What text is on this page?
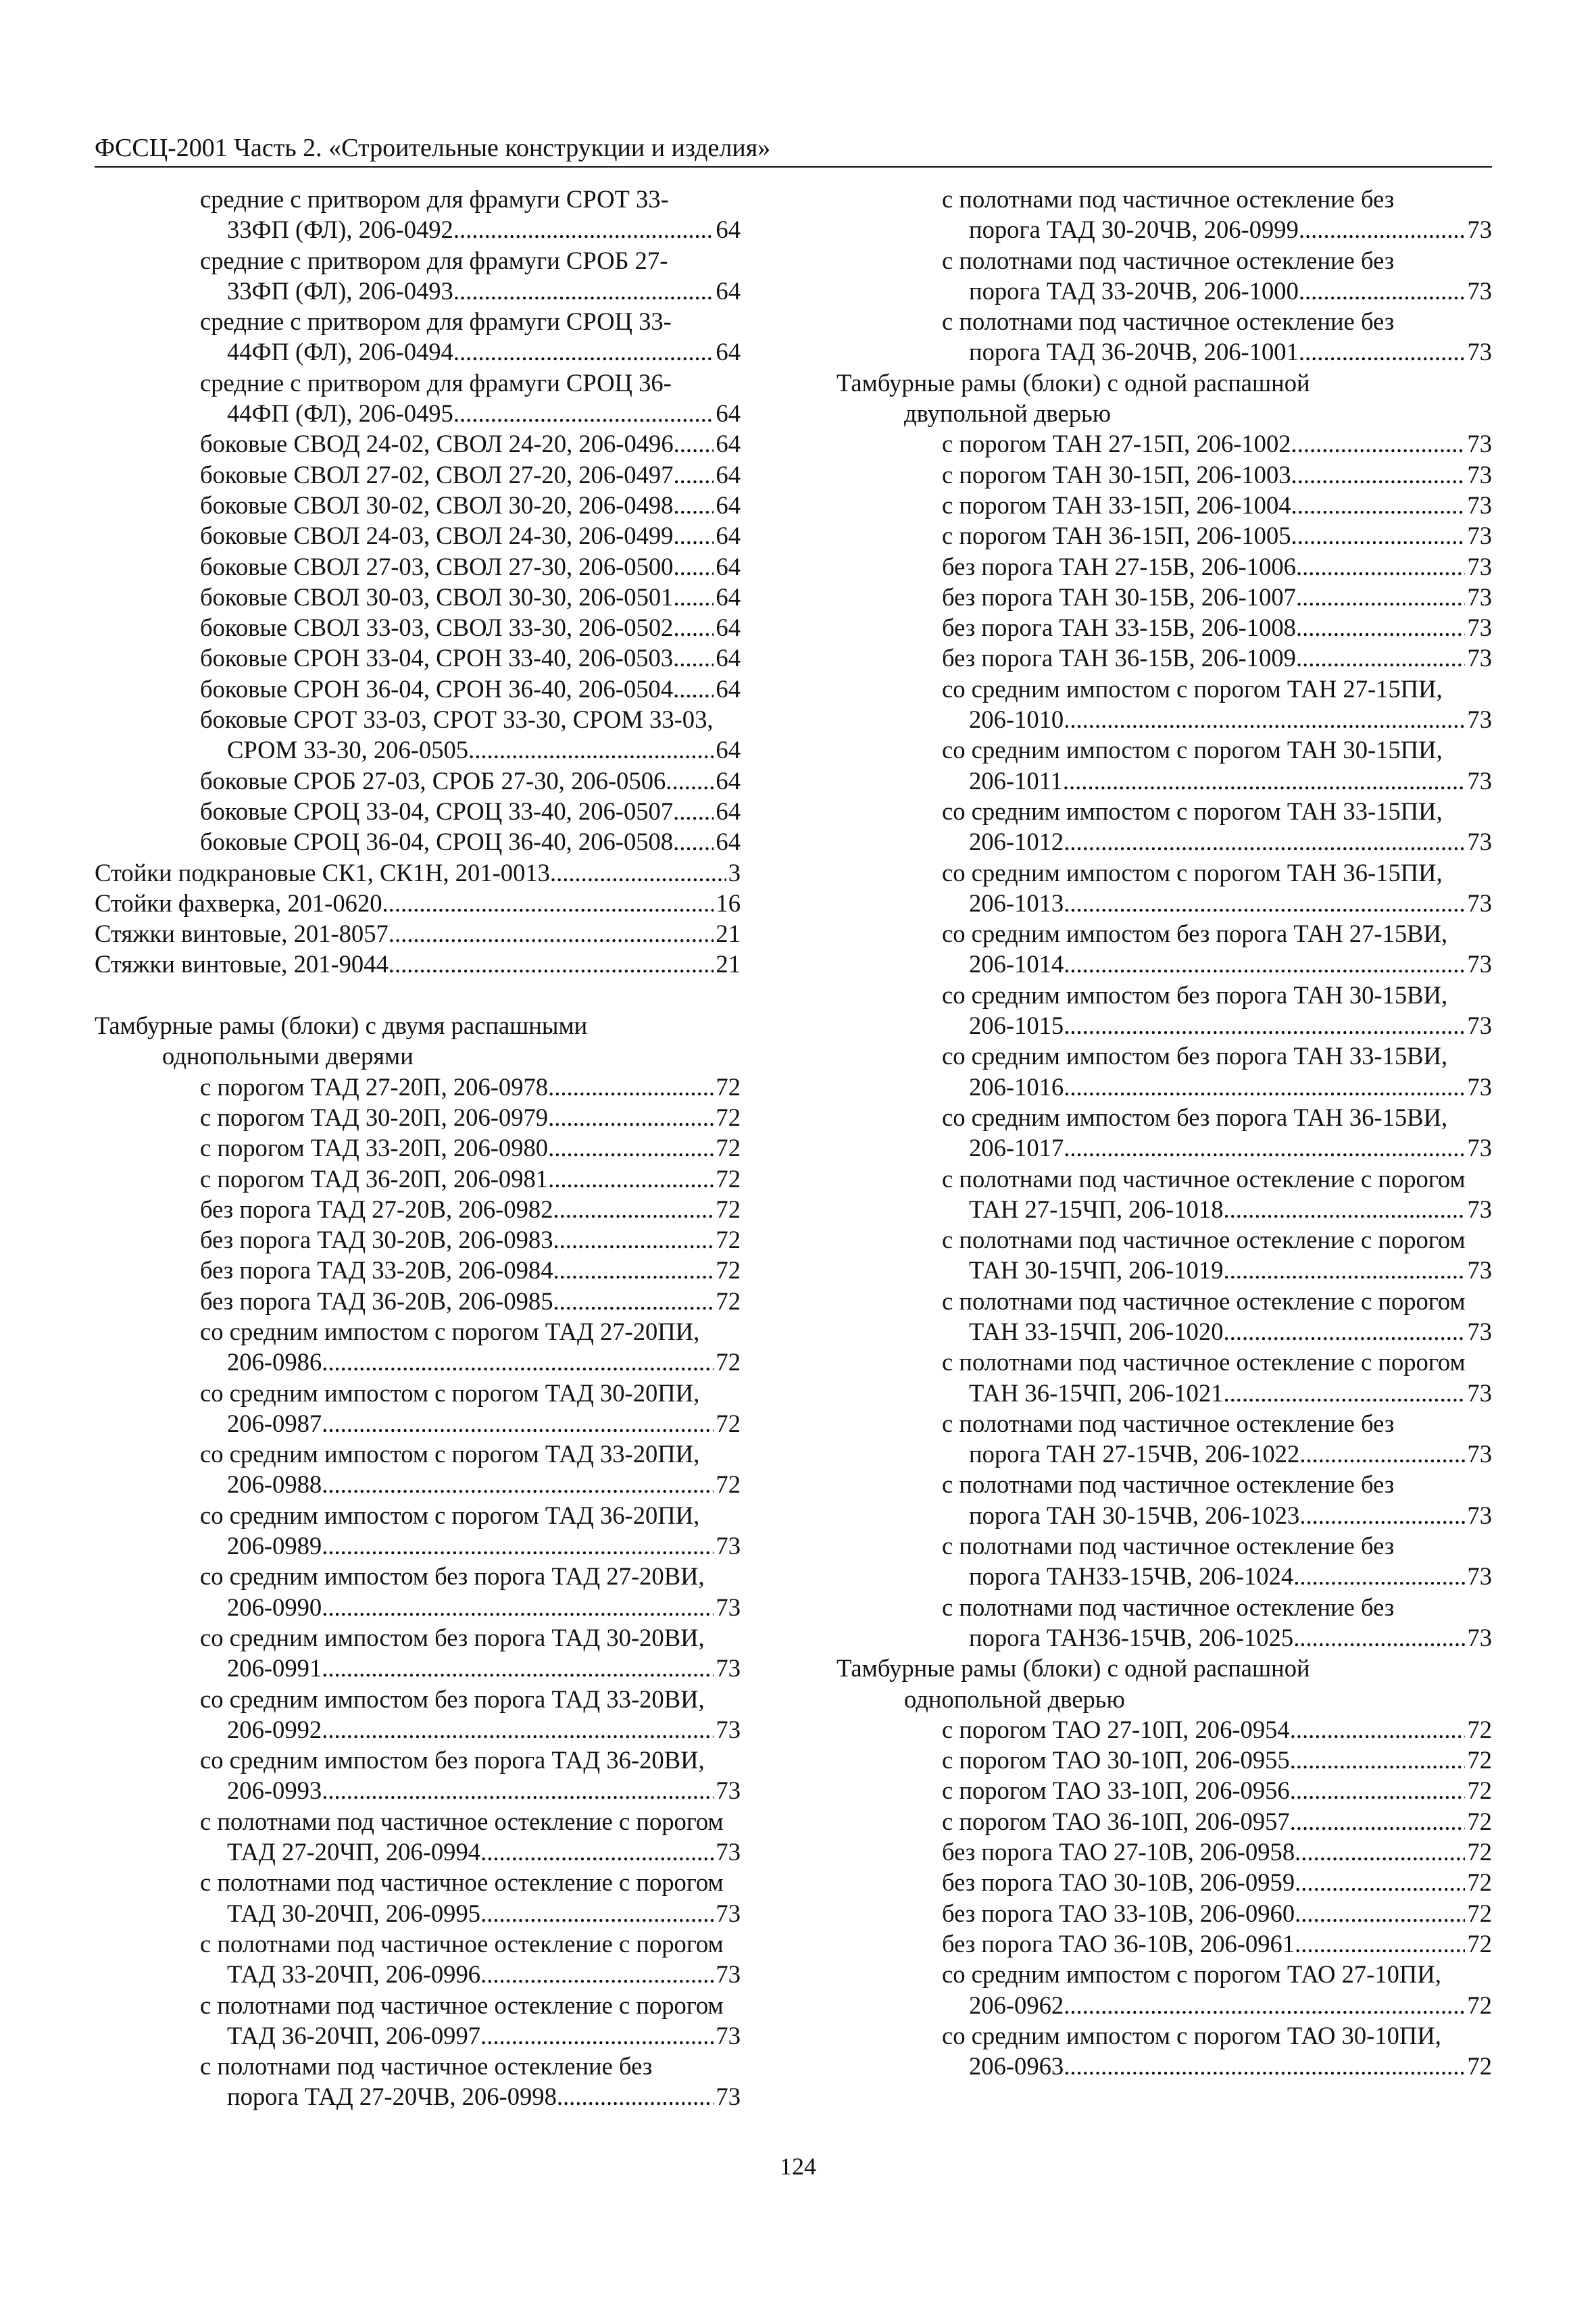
ФССЦ-2001 Часть 2. «Строительные конструкции и изделия»
средние с притвором для фрамуги СРОТ 33-
33ФП (ФЛ), 206-0492 .....	64
средние с притвором для фрамуги СРОБ 27-
33ФП (ФЛ), 206-0493 .....	64
средние с притвором для фрамуги СРОЦ 33-
44ФП (ФЛ), 206-0494 .....	64
средние с притвором для фрамуги СРОЦ 36-
44ФП (ФЛ), 206-0495 .....	64
боковые СВОД 24-02, СВОЛ 24-20, 206-0496 ..... 64
боковые СВОЛ 27-02, СВОЛ 27-20, 206-0497 ..... 64
боковые СВОЛ 30-02, СВОЛ 30-20, 206-0498 ..... 64
боковые СВОЛ 24-03, СВОЛ 24-30, 206-0499 ..... 64
боковые СВОЛ 27-03, СВОЛ 27-30, 206-0500 ..... 64
боковые СВОЛ 30-03, СВОЛ 30-30, 206-0501 ..... 64
боковые СВОЛ 33-03, СВОЛ 33-30, 206-0502 ..... 64
боковые СРОН 33-04, СРОН 33-40, 206-0503 ..... 64
боковые СРОН 36-04, СРОН 36-40, 206-0504 ..... 64
боковые СРОТ 33-03, СРОТ 33-30, СРОМ 33-03,
СРОМ 33-30, 206-0505 .....	64
боковые СРОБ 27-03, СРОБ 27-30, 206-0506 ..... 64
боковые СРОЦ 33-04, СРОЦ 33-40, 206-0507 ..... 64
боковые СРОЦ 36-04, СРОЦ 36-40, 206-0508 ..... 64
Стойки подкрановые СК1, СК1Н, 201-0013 .....	3
Стойки фахверка, 201-0620 .....	16
Стяжки винтовые, 201-8057 .....	21
Стяжки винтовые, 201-9044 .....	21
Тамбурные рамы (блоки) с двумя распашными
однопольными дверями
с порогом ТАД 27-20П, 206-0978 .....	72
с порогом ТАД 30-20П, 206-0979 .....	72
с порогом ТАД 33-20П, 206-0980 .....	72
с порогом ТАД 36-20П, 206-0981 .....	72
без порога ТАД 27-20В, 206-0982 .....	72
без порога ТАД 30-20В, 206-0983 .....	72
без порога ТАД 33-20В, 206-0984 .....	72
без порога ТАД 36-20В, 206-0985 .....	72
со средним импостом с порогом ТАД 27-20ПИ,
206-0986 .....	72
со средним импостом с порогом ТАД 30-20ПИ,
206-0987 .....	72
со средним импостом с порогом ТАД 33-20ПИ,
206-0988 .....	72
со средним импостом с порогом ТАД 36-20ПИ,
206-0989 .....	73
со средним импостом без порога ТАД 27-20ВИ,
206-0990 .....	73
со средним импостом без порога ТАД 30-20ВИ,
206-0991 .....	73
со средним импостом без порога ТАД 33-20ВИ,
206-0992 .....	73
со средним импостом без порога ТАД 36-20ВИ,
206-0993 .....	73
с полотнами под частичное остекление с порогом
ТАД 27-20ЧП, 206-0994 .....	73
с полотнами под частичное остекление с порогом
ТАД 30-20ЧП, 206-0995 .....	73
с полотнами под частичное остекление с порогом
ТАД 33-20ЧП, 206-0996 .....	73
с полотнами под частичное остекление с порогом
ТАД 36-20ЧП, 206-0997 .....	73
с полотнами под частичное остекление без
порога ТАД 27-20ЧВ, 206-0998 .....	73
с полотнами под частичное остекление без
порога ТАД 30-20ЧВ, 206-0999 .....	73
с полотнами под частичное остекление без
порога ТАД 33-20ЧВ, 206-1000 .....	73
с полотнами под частичное остекление без
порога ТАД 36-20ЧВ, 206-1001 .....	73
Тамбурные рамы (блоки) с одной распашной
двупольной дверью
с порогом ТАН 27-15П, 206-1002 .....	73
с порогом ТАН 30-15П, 206-1003 .....	73
с порогом ТАН 33-15П, 206-1004 .....	73
с порогом ТАН 36-15П, 206-1005 .....	73
без порога ТАН 27-15В, 206-1006 .....	73
без порога ТАН 30-15В, 206-1007 .....	73
без порога ТАН 33-15В, 206-1008 .....	73
без порога ТАН 36-15В, 206-1009 .....	73
со средним импостом с порогом ТАН 27-15ПИ,
206-1010 .....	73
со средним импостом с порогом ТАН 30-15ПИ,
206-1011 .....	73
со средним импостом с порогом ТАН 33-15ПИ,
206-1012 .....	73
со средним импостом с порогом ТАН 36-15ПИ,
206-1013 .....	73
со средним импостом без порога ТАН 27-15ВИ,
206-1014 .....	73
со средним импостом без порога ТАН 30-15ВИ,
206-1015 .....	73
со средним импостом без порога ТАН 33-15ВИ,
206-1016 .....	73
со средним импостом без порога ТАН 36-15ВИ,
206-1017 .....	73
с полотнами под частичное остекление с порогом
ТАН 27-15ЧП, 206-1018 .....	73
с полотнами под частичное остекление с порогом
ТАН 30-15ЧП, 206-1019 .....	73
с полотнами под частичное остекление с порогом
ТАН 33-15ЧП, 206-1020 .....	73
с полотнами под частичное остекление с порогом
ТАН 36-15ЧП, 206-1021 .....	73
с полотнами под частичное остекление без
порога ТАН 27-15ЧВ, 206-1022 .....	73
с полотнами под частичное остекление без
порога ТАН 30-15ЧВ, 206-1023 .....	73
с полотнами под частичное остекление без
порога ТАН33-15ЧВ, 206-1024 .....	73
с полотнами под частичное остекление без
порога ТАН36-15ЧВ, 206-1025 .....	73
Тамбурные рамы (блоки) с одной распашной
однопольной дверью
с порогом ТАО 27-10П, 206-0954 .....	72
с порогом ТАО 30-10П, 206-0955 .....	72
с порогом ТАО 33-10П, 206-0956 .....	72
с порогом ТАО 36-10П, 206-0957 .....	72
без порога ТАО 27-10В, 206-0958 .....	72
без порога ТАО 30-10В, 206-0959 .....	72
без порога ТАО 33-10В, 206-0960 .....	72
без порога ТАО 36-10В, 206-0961 .....	72
со средним импостом с порогом ТАО 27-10ПИ,
206-0962 .....	72
со средним импостом с порогом ТАО 30-10ПИ,
206-0963 .....	72
124
